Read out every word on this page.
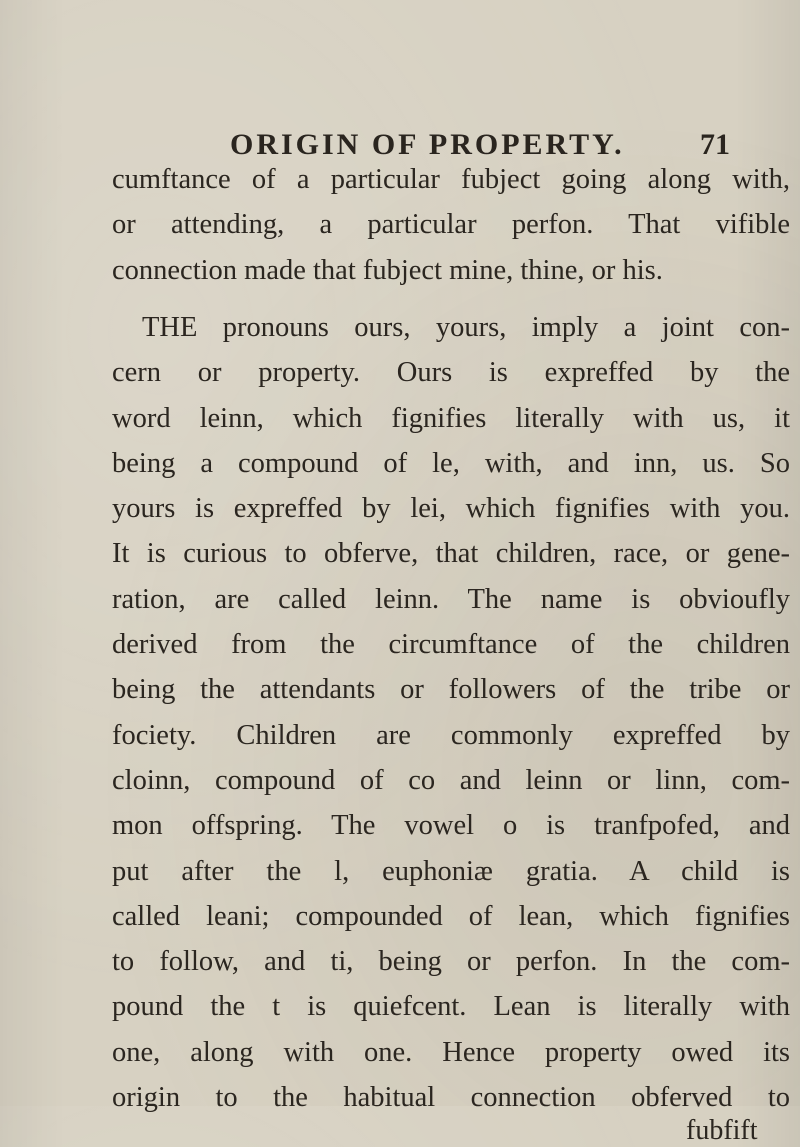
ORIGIN OF PROPERTY.	71
cumftance of a particular fubject going along with,
or attending, a particular perfon. That vifible
connection made that fubject mine, thine, or his.
THE pronouns ours, yours, imply a joint con-
cern or property. Ours is expreffed by the
word leinn, which fignifies literally with us, it
being a compound of le, with, and inn, us. So
yours is expreffed by lei, which fignifies with you.
It is curious to obferve, that children, race, or gene-
ration, are called leinn. The name is obvioufly
derived from the circumftance of the children
being the attendants or followers of the tribe or
fociety. Children are commonly expreffed by
cloinn, compound of co and leinn or linn, com-
mon offspring. The vowel o is tranfpofed, and
put after the l, euphoniæ gratia. A child is
called leani; compounded of lean, which fignifies
to follow, and ti, being or perfon. In the com-
pound the t is quiefcent. Lean is literally with
one, along with one. Hence property owed its
origin to the habitual connection obferved to
fubfift
